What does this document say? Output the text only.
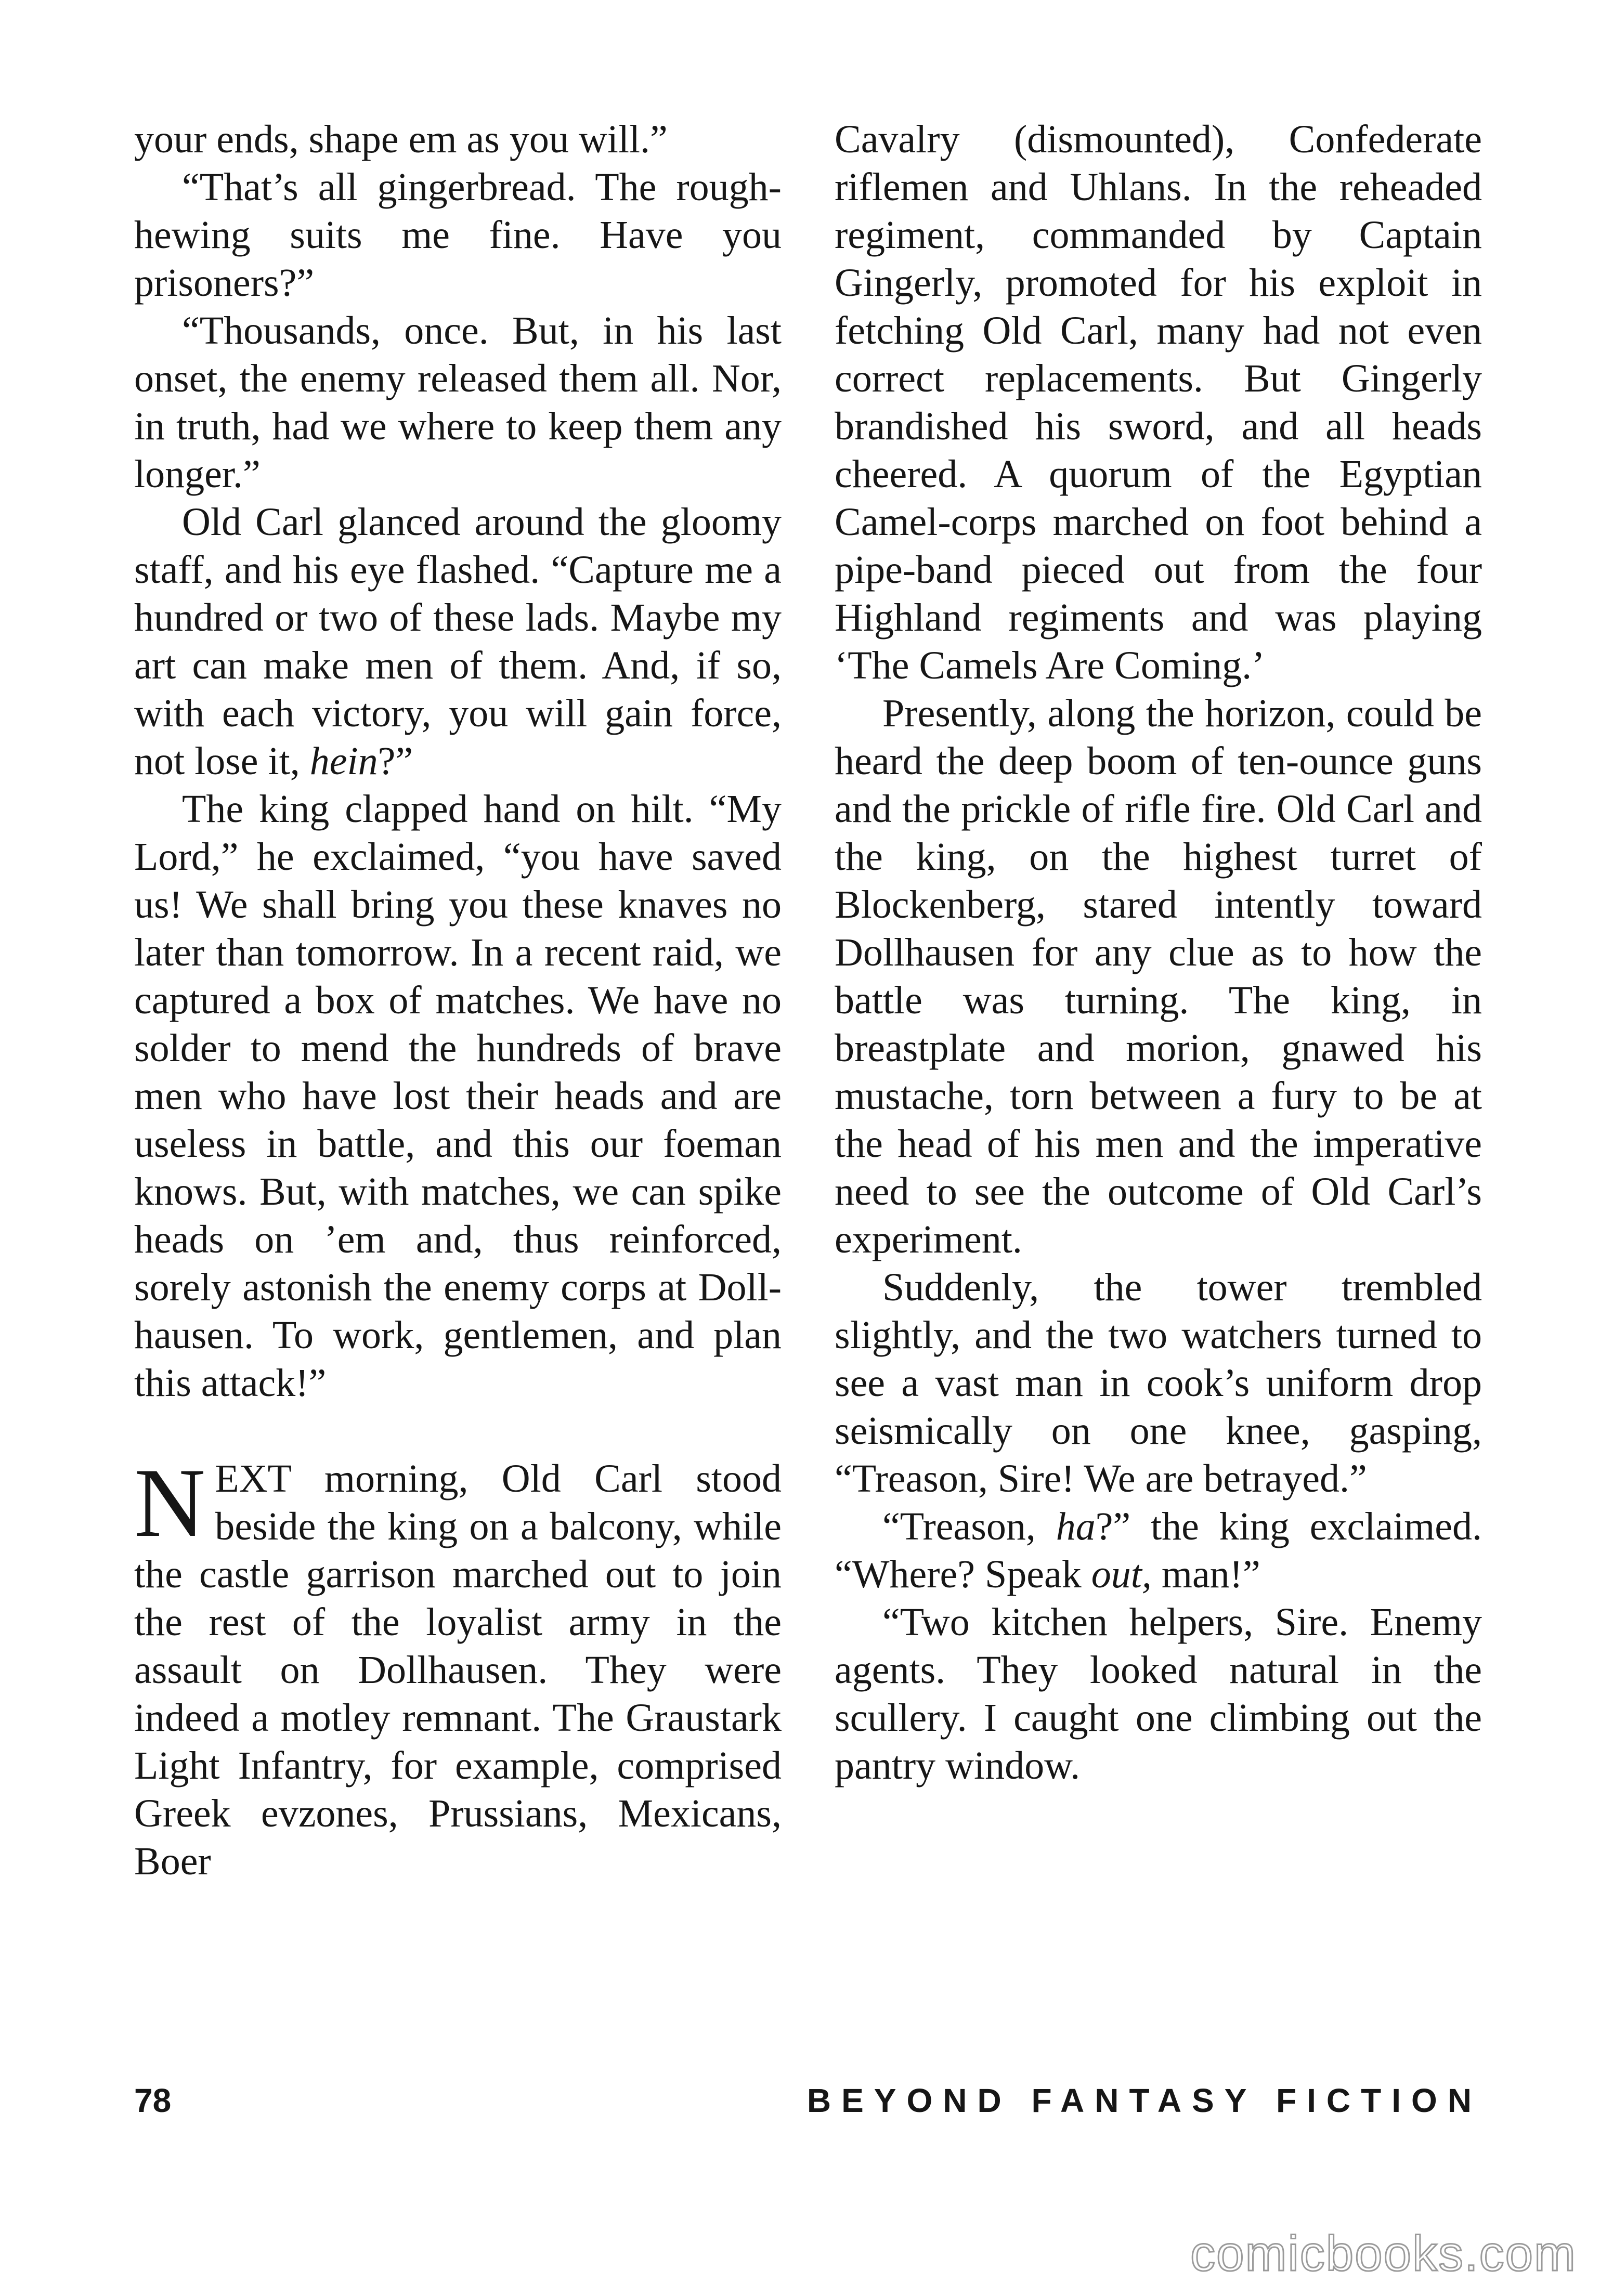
your ends, shape em as you will.”

“That’s all gingerbread. The rough-hewing suits me fine. Have you prisoners?”

“Thousands, once. But, in his last onset, the enemy released them all. Nor, in truth, had we where to keep them any longer.”

Old Carl glanced around the gloomy staff, and his eye flashed. “Capture me a hundred or two of these lads. Maybe my art can make men of them. And, if so, with each victory, you will gain force, not lose it, hein?”

The king clapped hand on hilt. “My Lord,” he exclaimed, “you have saved us! We shall bring you these knaves no later than tomorrow. In a recent raid, we captured a box of matches. We have no solder to mend the hundreds of brave men who have lost their heads and are useless in battle, and this our foeman knows. But, with matches, we can spike heads on ’em and, thus reinforced, sorely astonish the enemy corps at Dollhausen. To work, gentlemen, and plan this attack!”

NEXT morning, Old Carl stood beside the king on a balcony, while the castle garrison marched out to join the rest of the loyalist army in the assault on Dollhausen. They were indeed a motley remnant. The Graustark Light Infantry, for example, comprised Greek evzones, Prussians, Mexicans, Boer

Cavalry (dismounted), Confederate riflemen and Uhlans. In the reheaded regiment, commanded by Captain Gingerly, promoted for his exploit in fetching Old Carl, many had not even correct replacements. But Gingerly brandished his sword, and all heads cheered. A quorum of the Egyptian Camel-corps marched on foot behind a pipe-band pieced out from the four Highland regiments and was playing ‘The Camels Are Coming.’

Presently, along the horizon, could be heard the deep boom of ten-ounce guns and the prickle of rifle fire. Old Carl and the king, on the highest turret of Blockenberg, stared intently toward Dollhausen for any clue as to how the battle was turning. The king, in breastplate and morion, gnawed his mustache, torn between a fury to be at the head of his men and the imperative need to see the outcome of Old Carl’s experiment.

Suddenly, the tower trembled slightly, and the two watchers turned to see a vast man in cook’s uniform drop seismically on one knee, gasping, “Treason, Sire! We are betrayed.”

“Treason, ha?” the king exclaimed. “Where? Speak out, man!”

“Two kitchen helpers, Sire. Enemy agents. They looked natural in the scullery. I caught one climbing out the pantry window.

78	BEYOND FANTASY FICTION
comicbooks.com
